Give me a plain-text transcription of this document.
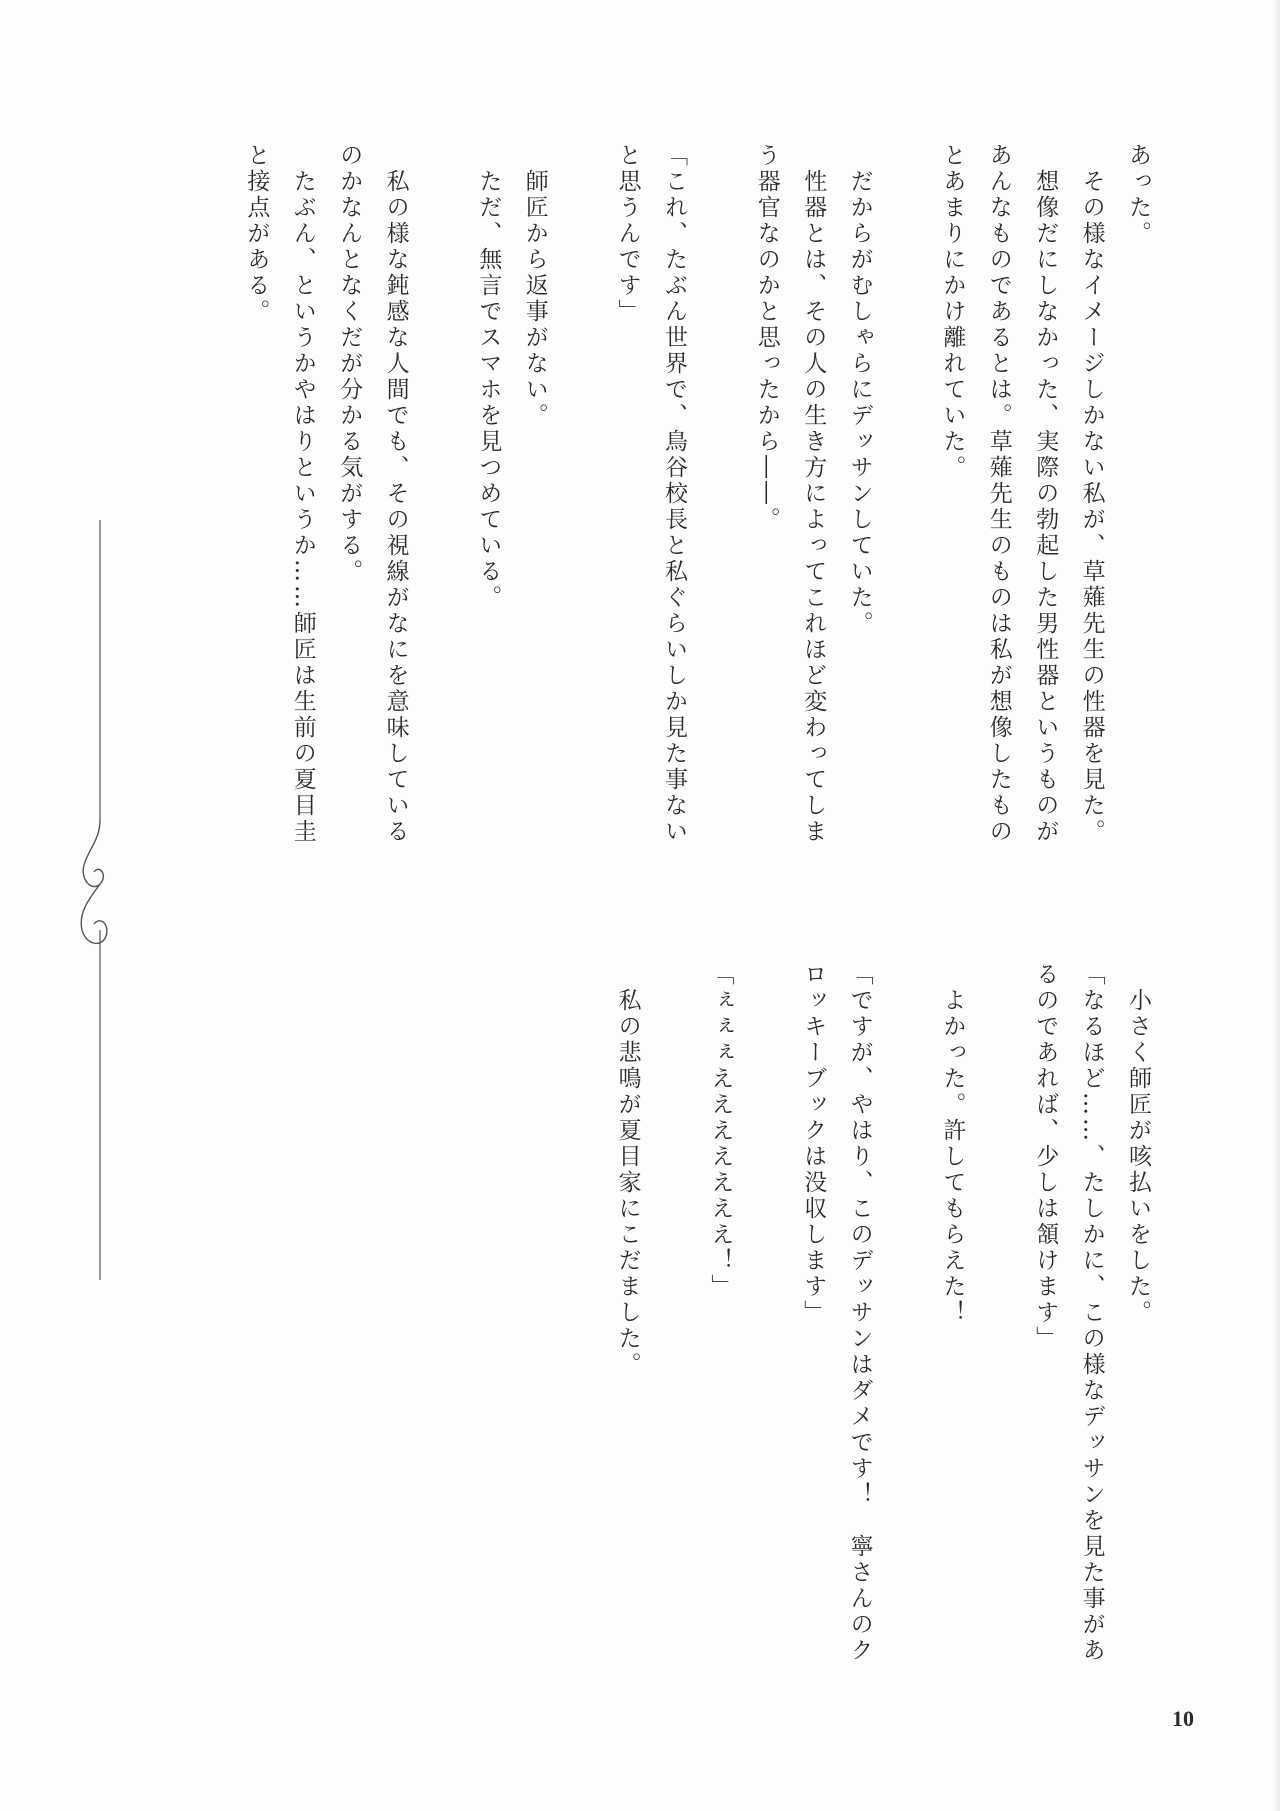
あった。
　その様なイメージしかない私が、草薙先生の性器を見た。
　想像だにしなかった、実際の勃起した男性器というものが
あんなものであるとは。草薙先生のものは私が想像したもの
とあまりにかけ離れていた。
　だからがむしゃらにデッサンしていた。
　性器とは、その人の生き方によってこれほど変わってしま
う器官なのかと思ったから――。
「これ、たぶん世界で、鳥谷校長と私ぐらいしか見た事ない
と思うんです」
　師匠から返事がない。
　ただ、無言でスマホを見つめている。
　私の様な鈍感な人間でも、その視線がなにを意味している
のかなんとなくだが分かる気がする。
　たぶん、というかやはりというか……師匠は生前の夏目圭
と接点がある。
　小さく師匠が咳払いをした。
「なるほど……、たしかに、この様なデッサンを見た事があ
るのであれば、少しは頷けます」
　よかった。許してもらえた！
「ですが、やはり、このデッサンはダメです！　寧さんのク
ロッキーブックは没収します」
「ぇぇぇえええええええ！」
　私の悲鳴が夏目家にこだました。
10
